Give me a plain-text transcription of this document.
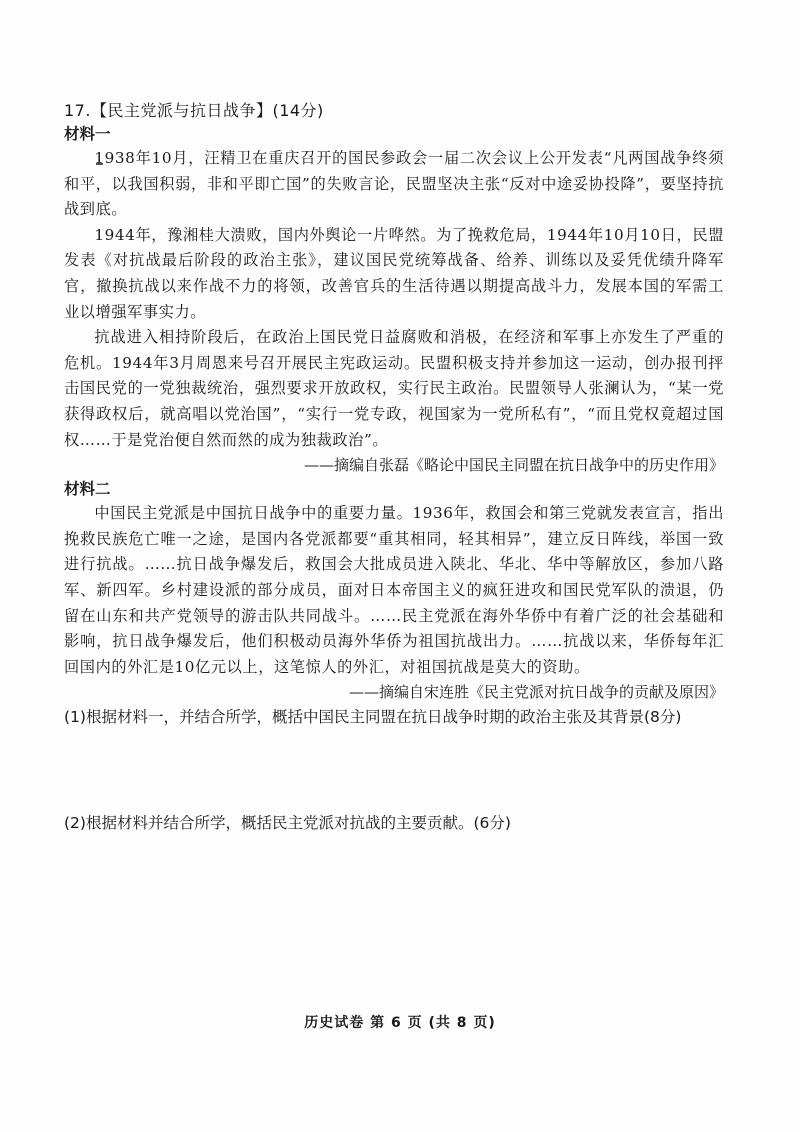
17.【民主党派与抗日战争】(14分)

材料一

1938年10月，汪精卫在重庆召开的国民参政会一届二次会议上公开发表“凡两国战争终须和平，以我国积弱，非和平即亡国”的失败言论，民盟坚决主张“反对中途妥协投降”，要坚持抗战到底。

1944年，豫湘桂大溃败，国内外舆论一片哗然。为了挽救危局，1944年10月10日，民盟发表《对抗战最后阶段的政治主张》，建议国民党统筹战备、给养、训练以及妥凭优绩升降军官，撤换抗战以来作战不力的将领，改善官兵的生活待遇以期提高战斗力，发展本国的军需工业以增强军事实力。

抗战进入相持阶段后，在政治上国民党日益腐败和消极，在经济和军事上亦发生了严重的危机。1944年3月周恩来号召开展民主宪政运动。民盟积极支持并参加这一运动，创办报刊抨击国民党的一党独裁统治，强烈要求开放政权，实行民主政治。民盟领导人张澜认为，“某一党获得政权后，就高唱以党治国”，“实行一党专政，视国家为一党所私有”，“而且党权竟超过国权……于是党治便自然而然的成为独裁政治”。

——摘编自张磊《略论中国民主同盟在抗日战争中的历史作用》

材料二

中国民主党派是中国抗日战争中的重要力量。1936年，救国会和第三党就发表宣言，指出挽救民族危亡唯一之途，是国内各党派都要“重其相同，轻其相异”，建立反日阵线，举国一致进行抗战。……抗日战争爆发后，救国会大批成员进入陕北、华北、华中等解放区，参加八路军、新四军。乡村建设派的部分成员，面对日本帝国主义的疯狂进攻和国民党军队的溃退，仍留在山东和共产党领导的游击队共同战斗。……民主党派在海外华侨中有着广泛的社会基础和影响，抗日战争爆发后，他们积极动员海外华侨为祖国抗战出力。……抗战以来，华侨每年汇回国内的外汇是10亿元以上，这笔惊人的外汇，对祖国抗战是莫大的资助。

——摘编自宋连胜《民主党派对抗日战争的贡献及原因》

(1)根据材料一，并结合所学，概括中国民主同盟在抗日战争时期的政治主张及其背景(8分)

(2)根据材料并结合所学，概括民主党派对抗战的主要贡献。(6分)

历史试卷 第 6 页 (共 8 页)
